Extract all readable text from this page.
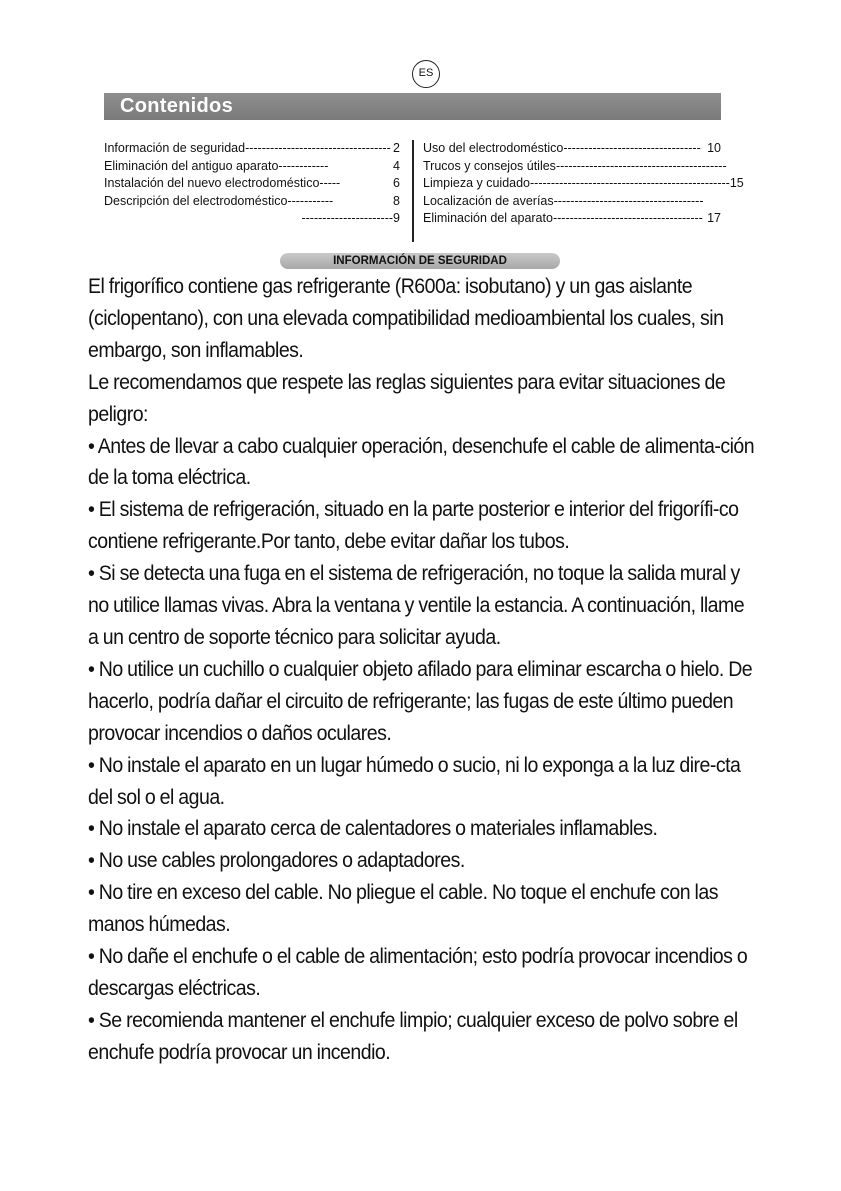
ES
Contenidos
Información de seguridad ----------------------------------- 2
Eliminación del antiguo aparato ------------	4
Instalación del nuevo electrodoméstico -----	6
Descripción del electrodoméstico -----------	8
---------------------- 9
Uso del electrodoméstico --------------------------------- 10
Trucos y consejos útiles -----------------------------------------
Limpieza y cuidado ------------------------------------------------ 15
Localización de averías ------------------------------------
Eliminación del aparato ------------------------------------ 17
INFORMACIÓN DE SEGURIDAD

El frigorífico contiene gas refrigerante (R600a: isobutano) y un gas aislante (ciclopentano), con una elevada compatibilidad medioambiental los cuales, sin embargo, son inflamables.

Le recomendamos que respete las reglas siguientes para evitar situaciones de peligro:

• Antes de llevar a cabo cualquier operación, desenchufe el cable de alimenta-ción de la toma eléctrica.

• El sistema de refrigeración, situado en la parte posterior e interior del frigorífi-co contiene refrigerante.Por tanto, debe evitar dañar los tubos.

• Si se detecta una fuga en el sistema de refrigeración, no toque la salida mural y no utilice llamas vivas. Abra la ventana y ventile la estancia. A continuación, llame a un centro de soporte técnico para solicitar ayuda.

• No utilice un cuchillo o cualquier objeto afilado para eliminar escarcha o hielo. De hacerlo, podría dañar el circuito de refrigerante; las fugas de este último pueden provocar incendios o daños oculares.

• No instale el aparato en un lugar húmedo o sucio, ni lo exponga a la luz dire-cta del sol o el agua.

• No instale el aparato cerca de calentadores o materiales inflamables.

• No use cables prolongadores o adaptadores.

• No tire en exceso del cable. No pliegue el cable. No toque el enchufe con las manos húmedas.

• No dañe el enchufe o el cable de alimentación; esto podría provocar incendios o descargas eléctricas.

• Se recomienda mantener el enchufe limpio; cualquier exceso de polvo sobre el enchufe podría provocar un incendio.
